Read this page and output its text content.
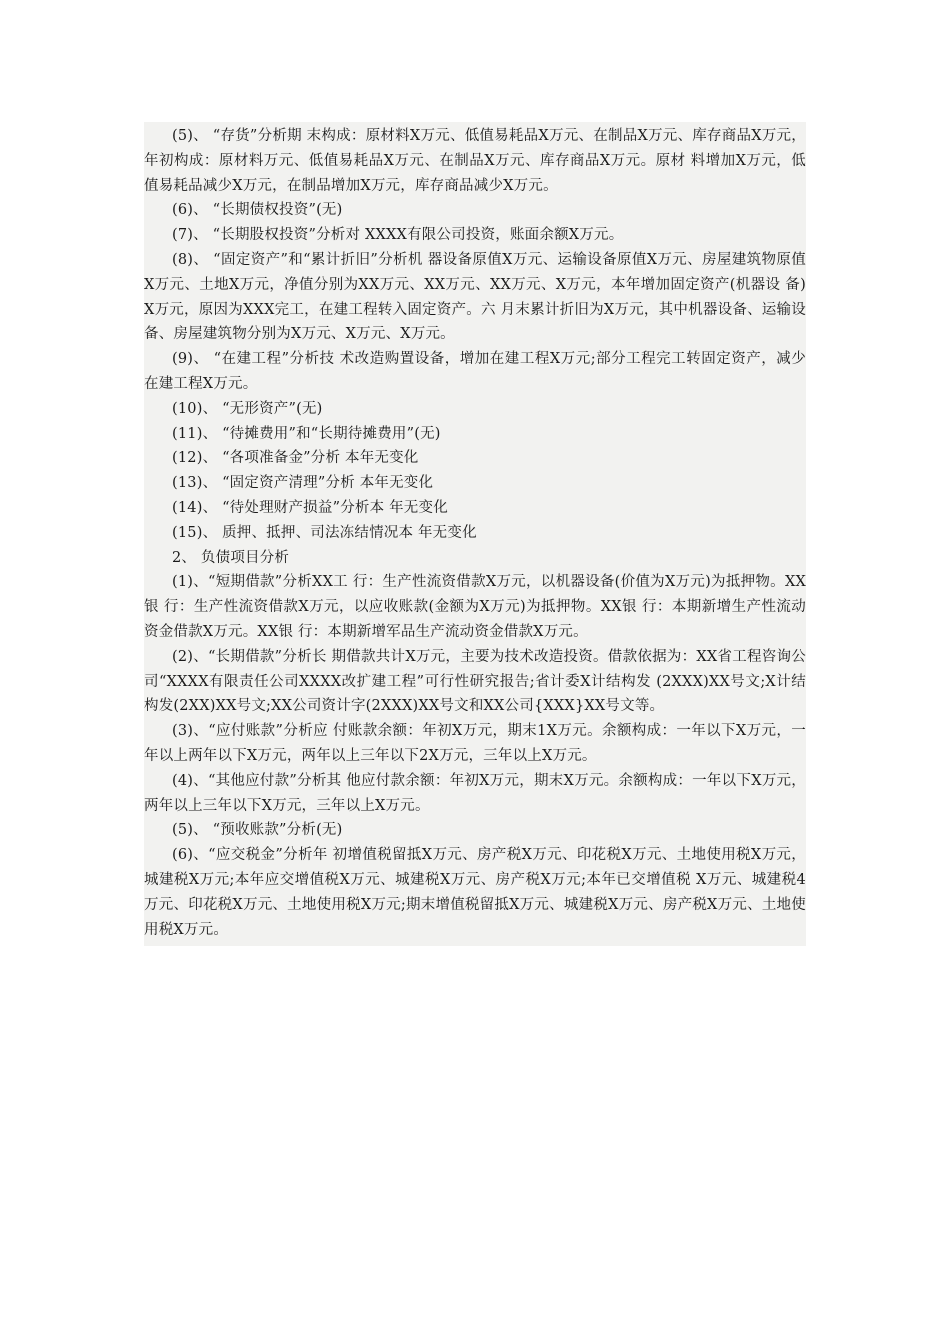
(5)、 “存货”分析期 末构成：原材料X万元、低值易耗品X万元、在制品X万元、库存商品X万元，年初构成：原材料万元、低值易耗品X万元、在制品X万元、库存商品X万元。原材 料增加X万元，低值易耗品减少X万元，在制品增加X万元，库存商品减少X万元。

(6)、 “长期债权投资”(无)

(7)、 “长期股权投资”分析对 XXXX有限公司投资，账面余额X万元。

(8)、 “固定资产”和“累计折旧”分析机 器设备原值X万元、运输设备原值X万元、房屋建筑物原值X万元、土地X万元，净值分别为XX万元、XX万元、XX万元、X万元，本年增加固定资产(机器设 备)X万元，原因为XXX完工，在建工程转入固定资产。六 月末累计折旧为X万元，其中机器设备、运输设备、房屋建筑物分别为X万元、X万元、X万元。

(9)、 “在建工程”分析技 术改造购置设备，增加在建工程X万元;部分工程完工转固定资产，减少在建工程X万元。

(10)、 “无形资产”(无)

(11)、 “待摊费用”和“长期待摊费用”(无)

(12)、 “各项准备金”分析 本年无变化

(13)、 “固定资产清理”分析 本年无变化

(14)、 “待处理财产损益”分析本 年无变化

(15)、 质押、抵押、司法冻结情况本 年无变化

2、 负债项目分析

(1)、“短期借款”分析XX工 行：生产性流资借款X万元，以机器设备(价值为X万元)为抵押物。XX银 行：生产性流资借款X万元，以应收账款(金额为X万元)为抵押物。XX银 行：本期新增生产性流动资金借款X万元。XX银 行：本期新增军品生产流动资金借款X万元。

(2)、“长期借款”分析长 期借款共计X万元，主要为技术改造投资。借款依据为：XX省工程咨询公司“XXXX有限责任公司XXXX改扩建工程”可行性研究报告;省计委X计结构发 (2XXX)XX号文;X计结构发(2XX)XX号文;XX公司资计字(2XXX)XX号文和XX公司{XXX}XX号文等。

(3)、“应付账款”分析应 付账款余额：年初X万元，期末1X万元。余额构成：一年以下X万元，一年以上两年以下X万元，两年以上三年以下2X万元，三年以上X万元。

(4)、“其他应付款”分析其 他应付款余额：年初X万元，期末X万元。余额构成：一年以下X万元，两年以上三年以下X万元，三年以上X万元。

(5)、 “预收账款”分析(无)

(6)、“应交税金”分析年 初增值税留抵X万元、房产税X万元、印花税X万元、土地使用税X万元，城建税X万元;本年应交增值税X万元、城建税X万元、房产税X万元;本年已交增值税 X万元、城建税4万元、印花税X万元、土地使用税X万元;期末增值税留抵X万元、城建税X万元、房产税X万元、土地使用税X万元。
